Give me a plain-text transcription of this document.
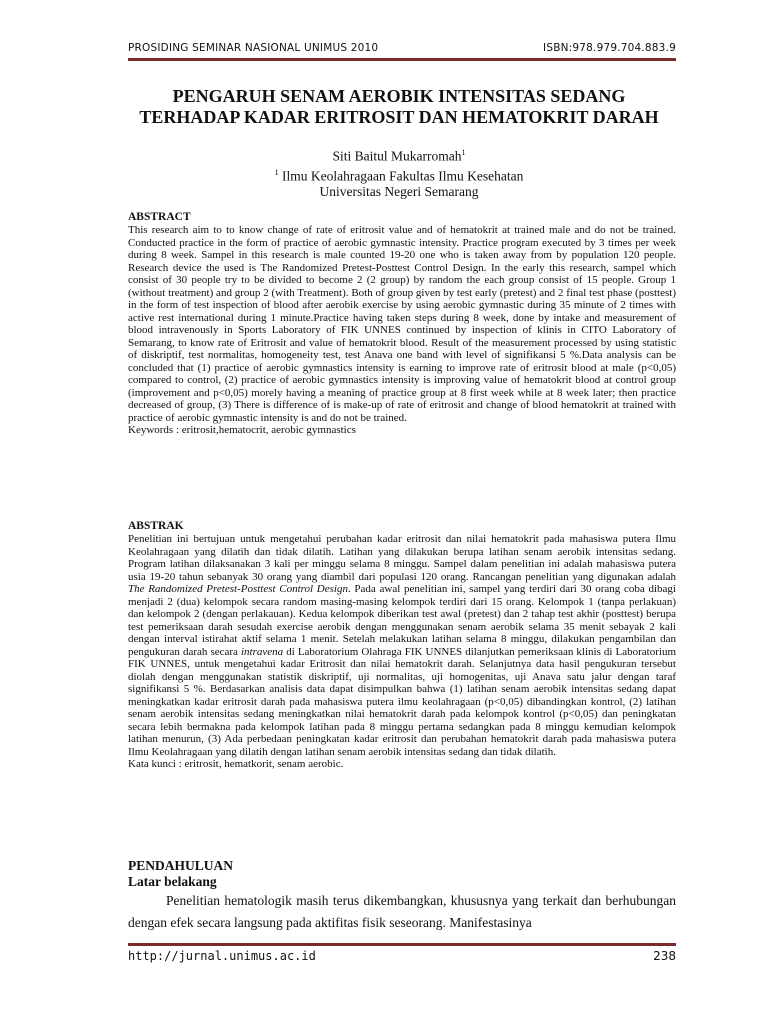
PROSIDING SEMINAR NASIONAL UNIMUS 2010	ISBN:978.979.704.883.9
PENGARUH SENAM AEROBIK INTENSITAS SEDANG
TERHADAP KADAR ERITROSIT DAN HEMATOKRIT DARAH
Siti Baitul Mukarromah$^1$
$^1$ Ilmu Keolahragaan Fakultas Ilmu Kesehatan
Universitas Negeri Semarang
ABSTRACT
This research aim to to know change of rate of eritrosit value and of hematokrit at trained male and do not be trained. Conducted practice in the form of practice of aerobic gymnastic intensity. Practice program executed by 3 times per week during 8 week. Sampel in this research is male counted 19-20 one who is taken away from by population 120 people. Research device the used is The Randomized Pretest-Posttest Control Design. In the early this research, sampel which consist of 30 people try to be divided to become 2 (2 group) by random the each group consist of 15 people. Group 1 (without treatment) and group 2 (with Treatment). Both of group given by test early (pretest) and 2 final test phase (posttest) in the form of test inspection of blood after aerobik exercise by using aerobic gymnastic during 35 minute of 2 times with active rest international during 1 minute.Practice having taken steps during 8 week, done by intake and measurement of blood intravenously in Sports Laboratory of FIK UNNES continued by inspection of klinis in CITO Laboratory of Semarang, to know rate of Eritrosit and value of hematokrit blood. Result of the measurement processed by using statistic of diskriptif, test normalitas, homogeneity test, test Anava one band with level of signifikansi 5 %.Data analysis can be concluded that (1) practice of aerobic gymnastics intensity is earning to improve rate of eritrosit blood at male (p<0,05) compared to control, (2) practice of aerobic gymnastics intensity is improving value of hematokrit blood at control group (improvement and p<0,05) morely having a meaning of practice group at 8 first week while at 8 week later; then practice decreased of group, (3) There is difference of is make-up of rate of eritrosit and change of blood hematokrit at trained with practice of aerobic gymnastic intensity is and do not be trained.
Keywords : eritrosit,hematocrit, aerobic gymnastics
ABSTRAK
Penelitian ini bertujuan untuk mengetahui perubahan kadar eritrosit dan nilai hematokrit pada mahasiswa putera Ilmu Keolahragaan yang dilatih dan tidak dilatih. Latihan yang dilakukan berupa latihan senam aerobik intensitas sedang. Program latihan dilaksanakan 3 kali per minggu selama 8 minggu. Sampel dalam penelitian ini adalah mahasiswa putera usia 19-20 tahun sebanyak 30 orang yang diambil dari populasi 120 orang. Rancangan penelitian yang digunakan adalah The Randomized Pretest-Posttest Control Design. Pada awal penelitian ini, sampel yang terdiri dari 30 orang coba dibagi menjadi 2 (dua) kelompok secara random masing-masing kelompok terdiri dari 15 orang. Kelompok 1 (tanpa perlakuan) dan kelompok 2 (dengan perlakauan). Kedua kelompok diberikan test awal (pretest) dan 2 tahap test akhir (posttest) berupa test pemeriksaan darah sesudah exercise aerobik dengan menggunakan senam aerobik selama 35 menit sebayak 2 kali dengan interval istirahat aktif selama 1 menit. Setelah melakukan latihan selama 8 minggu, dilakukan pengambilan dan pengukuran darah secara intravena di Laboratorium Olahraga FIK UNNES dilanjutkan pemeriksaan klinis di Laboratorium FIK UNNES, untuk mengetahui kadar Eritrosit dan nilai hematokrit darah. Selanjutnya data hasil pengukuran tersebut diolah dengan menggunakan statistik diskriptif, uji normalitas, uji homogenitas, uji Anava satu jalur dengan taraf signifikansi 5 %. Berdasarkan analisis data dapat disimpulkan bahwa (1) latihan senam aerobik intensitas sedang dapat meningkatkan kadar eritrosit darah pada mahasiswa putera ilmu keolahragaan (p<0,05) dibandingkan kontrol, (2) latihan senam aerobik intensitas sedang meningkatkan nilai hematokrit darah pada kelompok kontrol (p<0,05) dan peningkatan secara lebih bermakna pada kelompok latihan pada 8 minggu pertama sedangkan pada 8 minggu kemudian kelompok latihan menurun, (3) Ada perbedaan peningkatan kadar eritrosit dan perubahan hematokrit darah pada mahasiswa putera Ilmu Keolahragaan yang dilatih dengan latihan senam aerobik intensitas sedang dan tidak dilatih.
Kata kunci : eritrosit, hematkorit, senam aerobic.
PENDAHULUAN
Latar belakang
Penelitian hematologik masih terus dikembangkan, khususnya yang terkait dan berhubungan dengan efek secara langsung pada aktifitas fisik seseorang. Manifestasinya
http://jurnal.unimus.ac.id	238
